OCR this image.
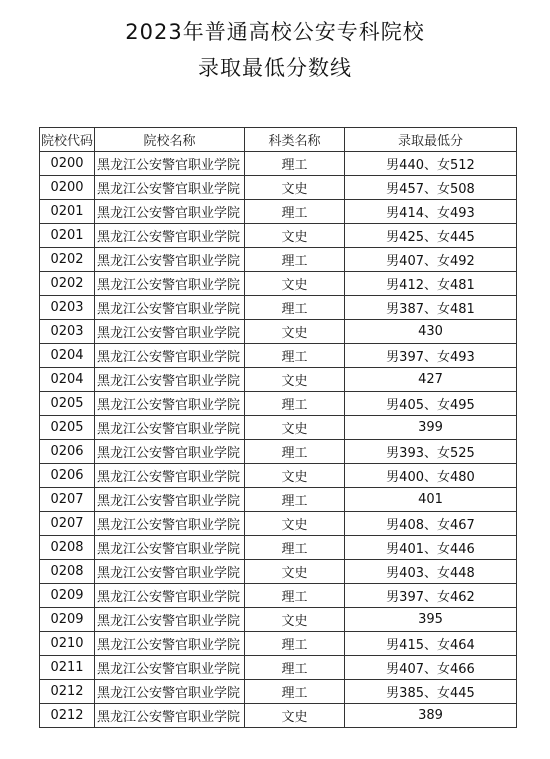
2023年普通高校公安专科院校
录取最低分数线
院校代码	院校名称	科类名称	录取最低分
0200	黑龙江公安警官职业学院	理工	男440、女512
0200	黑龙江公安警官职业学院	文史	男457、女508
0201	黑龙江公安警官职业学院	理工	男414、女493
0201	黑龙江公安警官职业学院	文史	男425、女445
0202	黑龙江公安警官职业学院	理工	男407、女492
0202	黑龙江公安警官职业学院	文史	男412、女481
0203	黑龙江公安警官职业学院	理工	男387、女481
0203	黑龙江公安警官职业学院	文史	430
0204	黑龙江公安警官职业学院	理工	男397、女493
0204	黑龙江公安警官职业学院	文史	427
0205	黑龙江公安警官职业学院	理工	男405、女495
0205	黑龙江公安警官职业学院	文史	399
0206	黑龙江公安警官职业学院	理工	男393、女525
0206	黑龙江公安警官职业学院	文史	男400、女480
0207	黑龙江公安警官职业学院	理工	401
0207	黑龙江公安警官职业学院	文史	男408、女467
0208	黑龙江公安警官职业学院	理工	男401、女446
0208	黑龙江公安警官职业学院	文史	男403、女448
0209	黑龙江公安警官职业学院	理工	男397、女462
0209	黑龙江公安警官职业学院	文史	395
0210	黑龙江公安警官职业学院	理工	男415、女464
0211	黑龙江公安警官职业学院	理工	男407、女466
0212	黑龙江公安警官职业学院	理工	男385、女445
0212	黑龙江公安警官职业学院	文史	389
